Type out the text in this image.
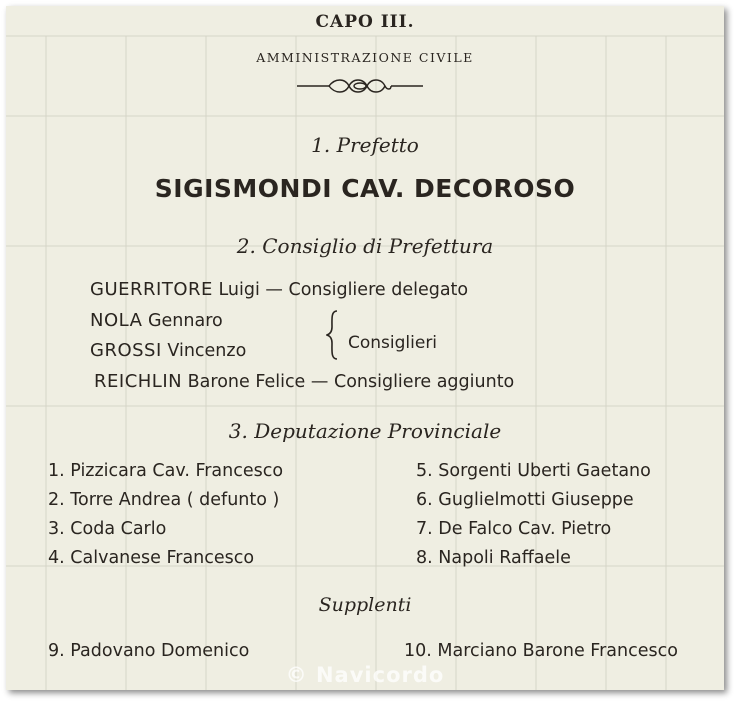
CAPO III.
AMMINISTRAZIONE CIVILE
1. Prefetto
SIGISMONDI CAV. DECOROSO
2. Consiglio di Prefettura
GUERRITORE Luigi — Consigliere delegato
NOLA Gennaro
GROSSI Vincenzo	Consiglieri
REICHLIN Barone Felice — Consigliere aggiunto
3. Deputazione Provinciale
1. Pizzicara Cav. Francesco
2. Torre Andrea ( defunto )
3. Coda Carlo
4. Calvanese Francesco
5. Sorgenti Uberti Gaetano
6. Guglielmotti Giuseppe
7. De Falco Cav. Pietro
8. Napoli Raffaele
Supplenti
9. Padovano Domenico	10. Marciano Barone Francesco
© Navicordo
